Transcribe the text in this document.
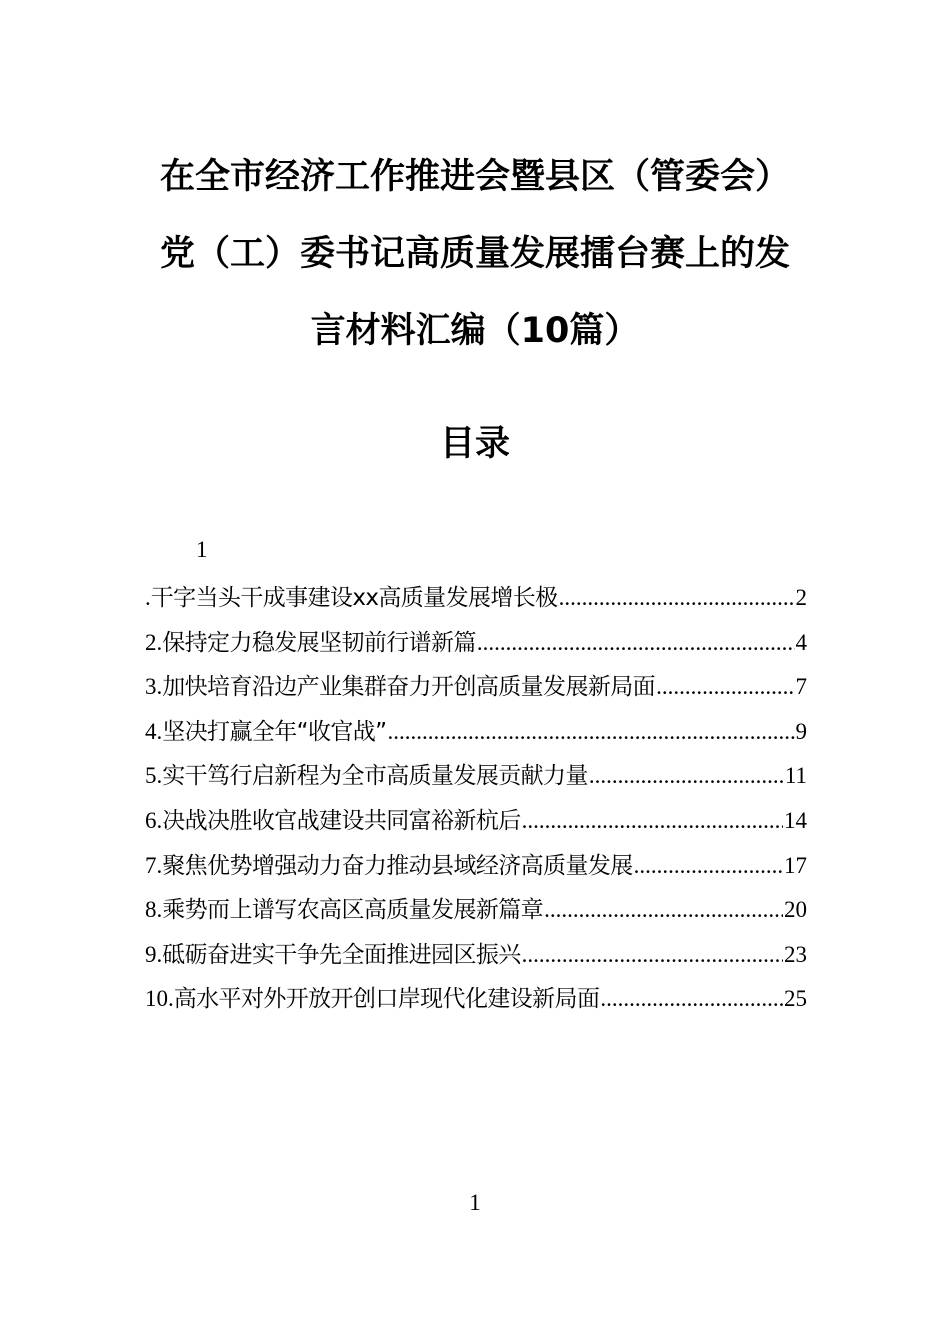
在全市经济工作推进会暨县区（管委会）
党（工）委书记高质量发展擂台赛上的发
言材料汇编（10篇）
目录
1
. 干字当头干成事建设xx高质量发展增长极 .....	2
2. 保持定力稳发展坚韧前行谱新篇 .....	4
3. 加快培育沿边产业集群奋力开创高质量发展新局面 .....	7
4. 坚决打赢全年“收官战” .....	9
5. 实干笃行启新程为全市高质量发展贡献力量 .....	11
6. 决战决胜收官战建设共同富裕新杭后 .....	14
7. 聚焦优势增强动力奋力推动县域经济高质量发展 .....	17
8. 乘势而上谱写农高区高质量发展新篇章 .....	20
9. 砥砺奋进实干争先全面推进园区振兴 .....	23
10. 高水平对外开放开创口岸现代化建设新局面 .....	25
1
